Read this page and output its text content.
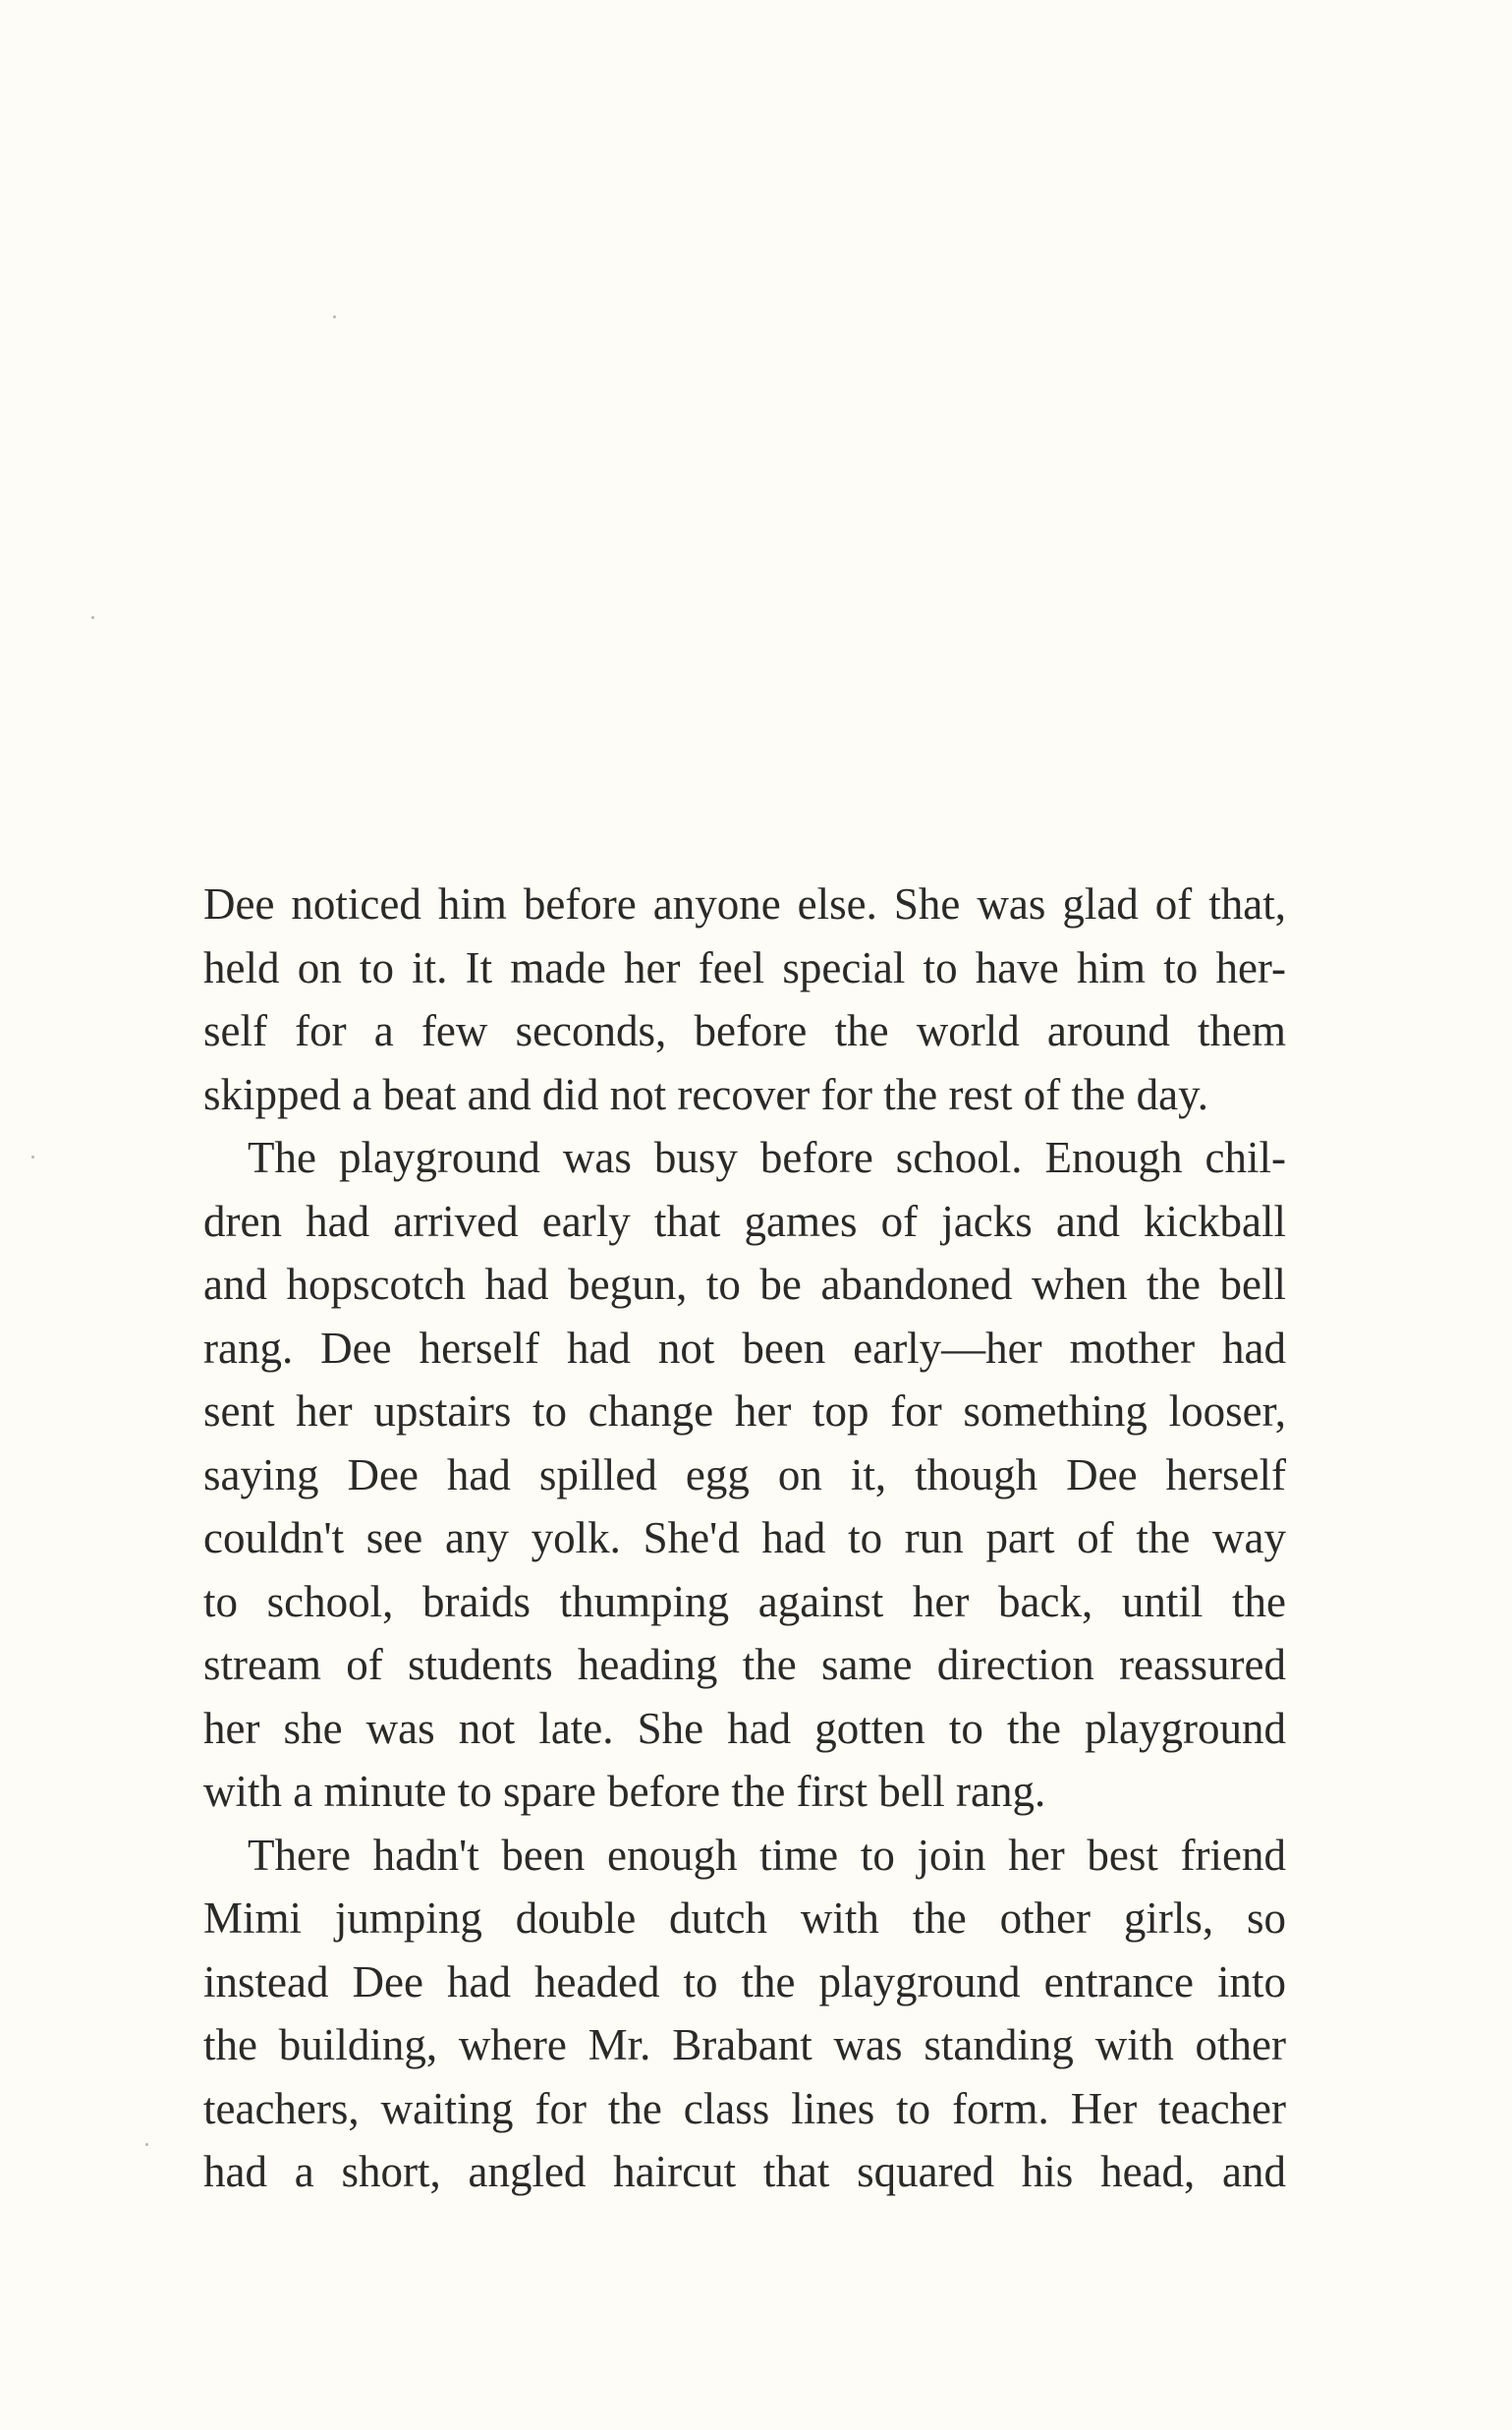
Dee noticed him before anyone else. She was glad of that,
held on to it. It made her feel special to have him to her-
self for a few seconds, before the world around them
skipped a beat and did not recover for the rest of the day.
The playground was busy before school. Enough chil-
dren had arrived early that games of jacks and kickball
and hopscotch had begun, to be abandoned when the bell
rang. Dee herself had not been early—her mother had
sent her upstairs to change her top for something looser,
saying Dee had spilled egg on it, though Dee herself
couldn't see any yolk. She'd had to run part of the way
to school, braids thumping against her back, until the
stream of students heading the same direction reassured
her she was not late. She had gotten to the playground
with a minute to spare before the first bell rang.
There hadn't been enough time to join her best friend
Mimi jumping double dutch with the other girls, so
instead Dee had headed to the playground entrance into
the building, where Mr. Brabant was standing with other
teachers, waiting for the class lines to form. Her teacher
had a short, angled haircut that squared his head, and
